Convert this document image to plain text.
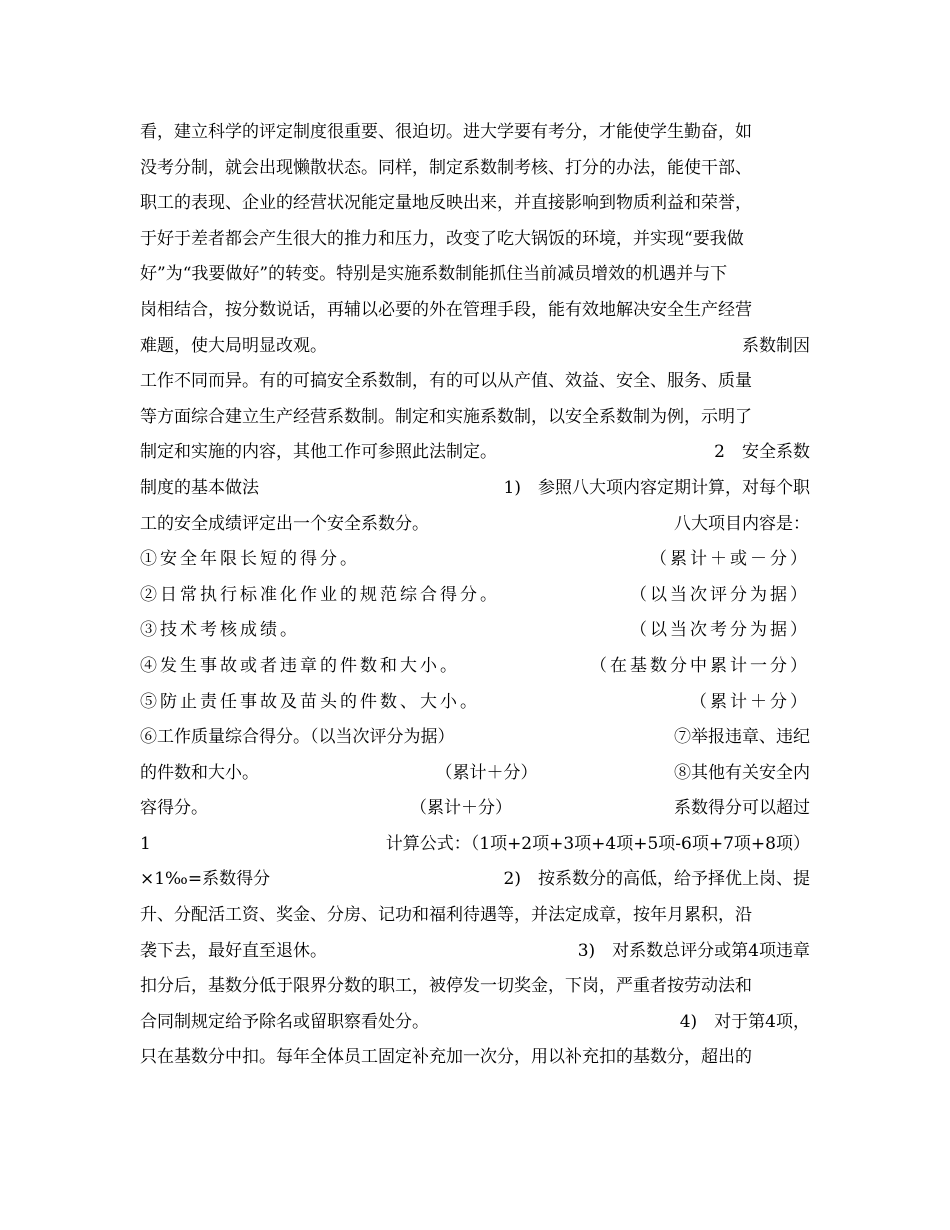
看，建立科学的评定制度很重要、很迫切。进大学要有考分，才能使学生勤奋，如
没考分制，就会出现懒散状态。同样，制定系数制考核、打分的办法，能使干部、
职工的表现、企业的经营状况能定量地反映出来，并直接影响到物质利益和荣誉，
于好于差者都会产生很大的推力和压力，改变了吃大锅饭的环境，并实现“要我做
好”为“我要做好”的转变。特别是实施系数制能抓住当前减员增效的机遇并与下
岗相结合，按分数说话，再辅以必要的外在管理手段，能有效地解决安全生产经营
难题，使大局明显改观。	系数制因
工作不同而异。有的可搞安全系数制，有的可以从产值、效益、安全、服务、质量
等方面综合建立生产经营系数制。制定和实施系数制，以安全系数制为例，示明了
制定和实施的内容，其他工作可参照此法制定。	2　安全系数
制度的基本做法	1)　参照八大项内容定期计算，对每个职
工的安全成绩评定出一个安全系数分。	八大项目内容是：
①安全年限长短的得分。	（累计＋或－分）
②日常执行标准化作业的规范综合得分。	（以当次评分为据）
③技术考核成绩。	（以当次考分为据）
④发生事故或者违章的件数和大小。	（在基数分中累计一分）
⑤防止责任事故及苗头的件数、大小。	（累计＋分）
⑥工作质量综合得分。（以当次评分为据）	⑦举报违章、违纪
的件数和大小。	（累计＋分）	⑧其他有关安全内
容得分。	（累计＋分）	系数得分可以超过
1	计算公式：（1项+2项+3项+4项+5项-6项+7项+8项）
×1‰=系数得分	2)　按系数分的高低，给予择优上岗、提
升、分配活工资、奖金、分房、记功和福利待遇等，并法定成章，按年月累积，沿
袭下去，最好直至退休。	3)　对系数总评分或第4项违章
扣分后，基数分低于限界分数的职工，被停发一切奖金，下岗，严重者按劳动法和
合同制规定给予除名或留职察看处分。	4)　对于第4项，
只在基数分中扣。每年全体员工固定补充加一次分，用以补充扣的基数分，超出的
